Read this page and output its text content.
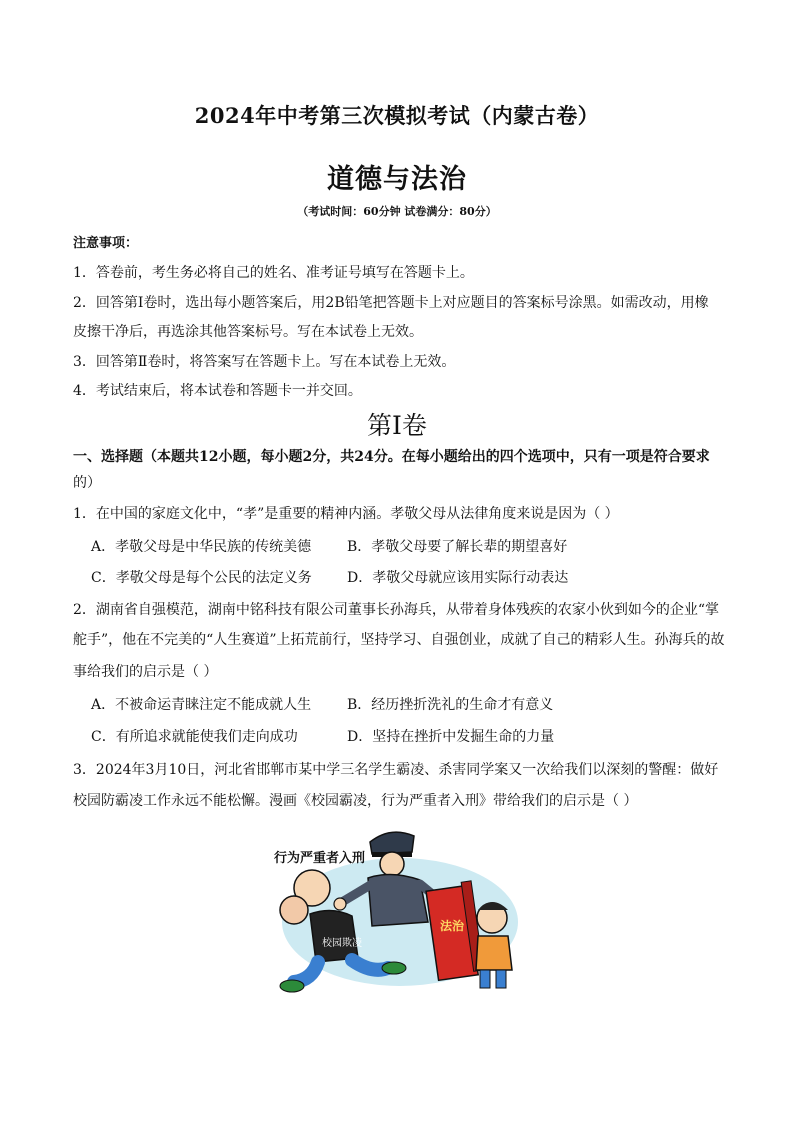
2024年中考第三次模拟考试（内蒙古卷）
道德与法治
（考试时间：60分钟 试卷满分：80分）
注意事项：
1．答卷前，考生务必将自己的姓名、准考证号填写在答题卡上。
2．回答第Ⅰ卷时，选出每小题答案后，用2B铅笔把答题卡上对应题目的答案标号涂黑。如需改动，用橡
皮擦干净后，再选涂其他答案标号。写在本试卷上无效。
3．回答第Ⅱ卷时，将答案写在答题卡上。写在本试卷上无效。
4．考试结束后，将本试卷和答题卡一并交回。
第Ⅰ卷
一、选择题（本题共12小题，每小题2分，共24分。在每小题给出的四个选项中，只有一项是符合要求
的）
1．在中国的家庭文化中，“孝”是重要的精神内涵。孝敬父母从法律角度来说是因为（ ）
A．孝敬父母是中华民族的传统美德	B．孝敬父母要了解长辈的期望喜好
C．孝敬父母是每个公民的法定义务	D．孝敬父母就应该用实际行动表达
2．湖南省自强模范，湖南中铭科技有限公司董事长孙海兵，从带着身体残疾的农家小伙到如今的企业“掌
舵手”，他在不完美的“人生赛道”上拓荒前行，坚持学习、自强创业，成就了自己的精彩人生。孙海兵的故
事给我们的启示是（ ）
A．不被命运青睐注定不能成就人生	B．经历挫折洗礼的生命才有意义
C．有所追求就能使我们走向成功	D．坚持在挫折中发掘生命的力量
3．2024年3月10日，河北省邯郸市某中学三名学生霸凌、杀害同学案又一次给我们以深刻的警醒：做好
校园防霸凌工作永远不能松懈。漫画《校园霸凌，行为严重者入刑》带给我们的启示是（ ）
行为严重者入刑
校园欺凌
法治
